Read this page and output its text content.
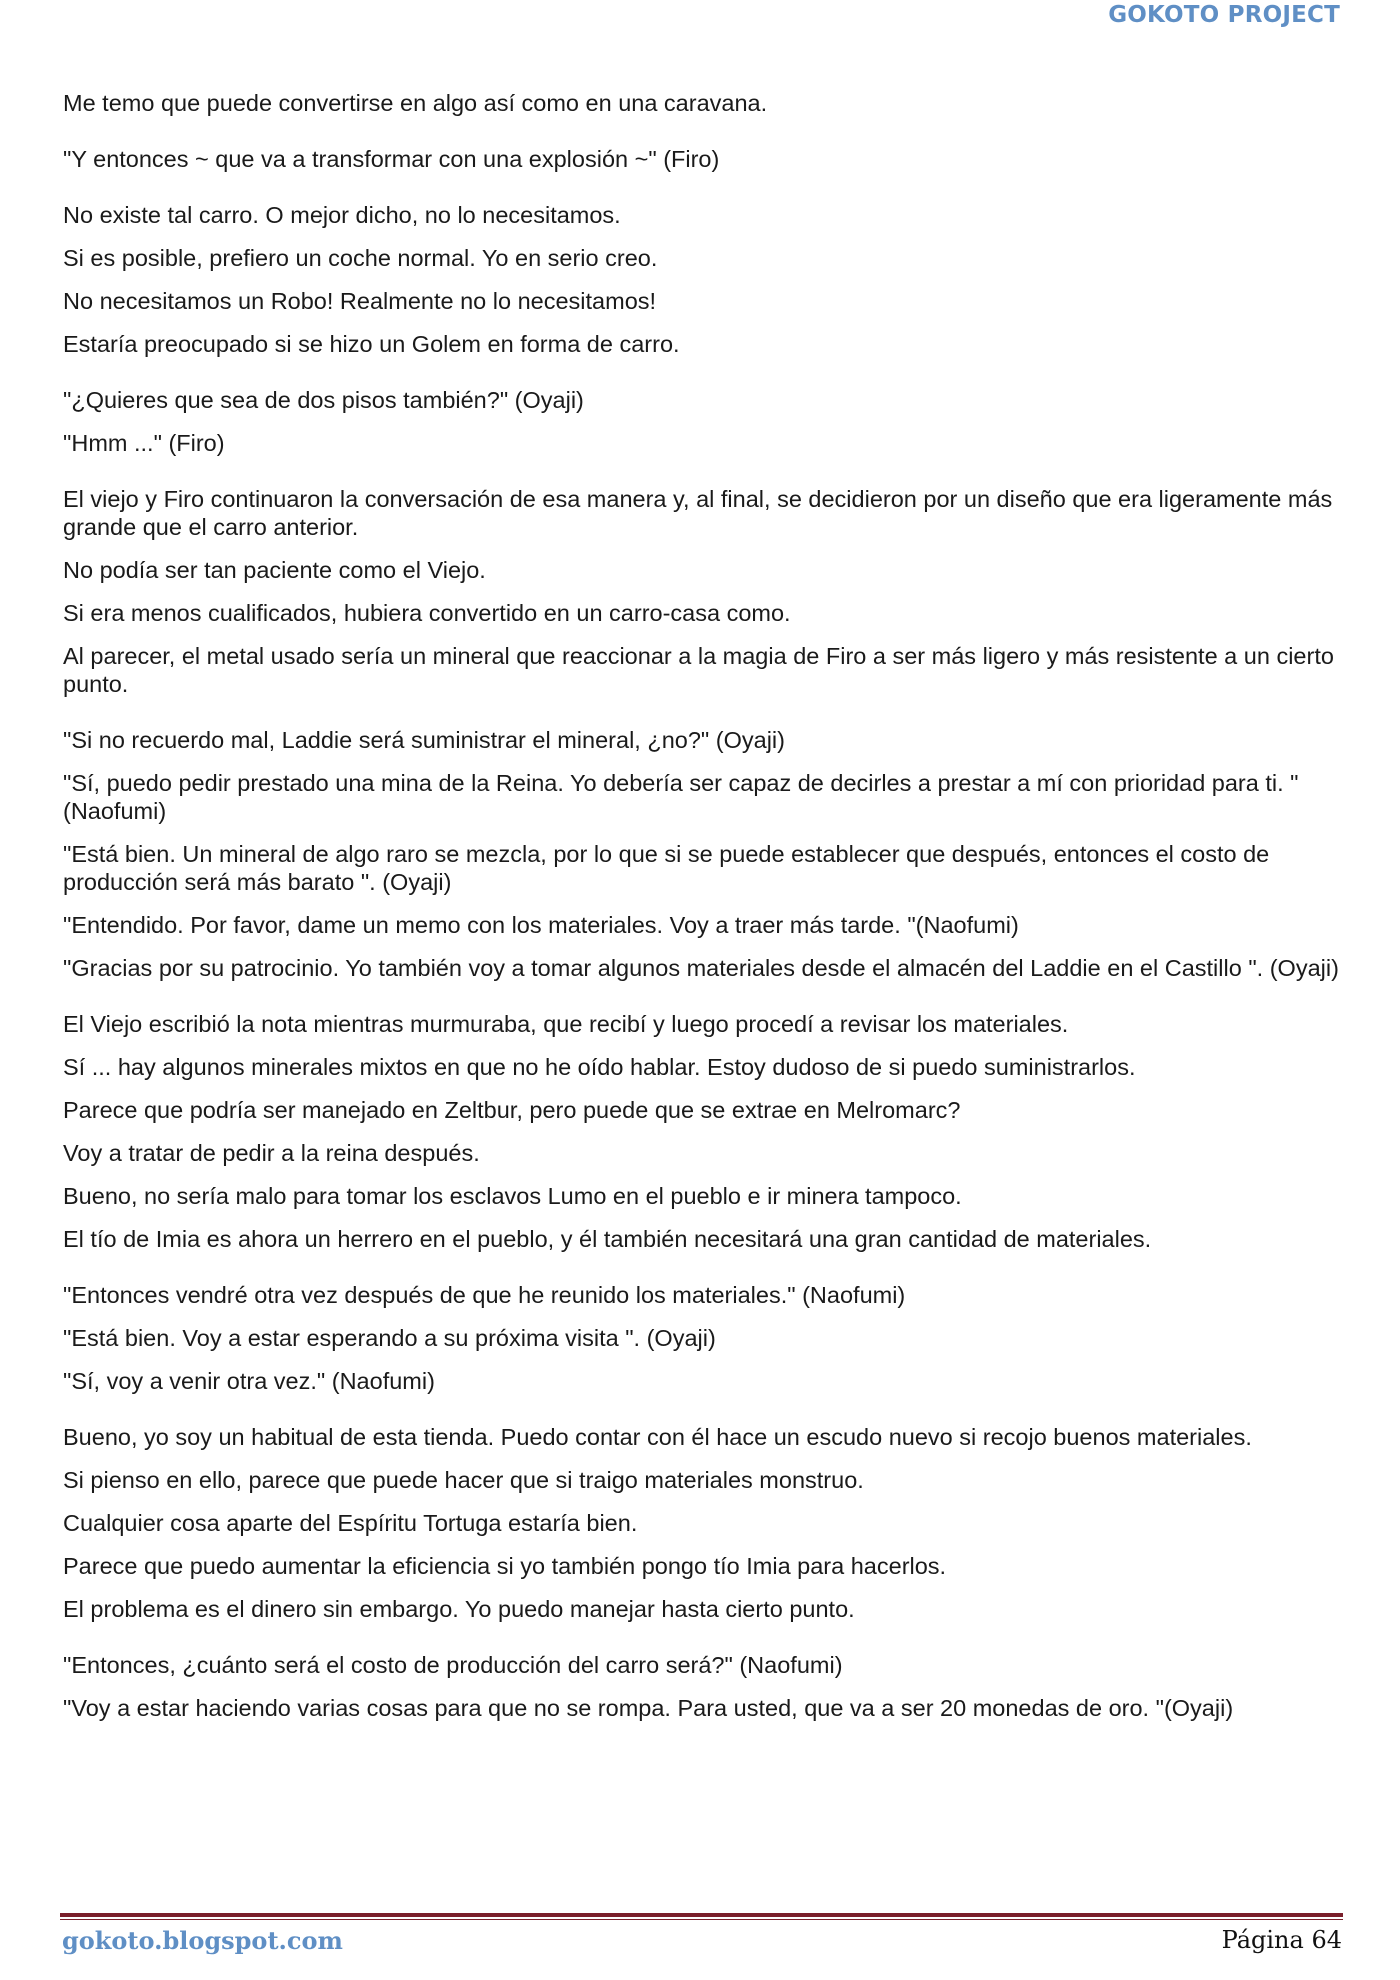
GOKOTO PROJECT

Me temo que puede convertirse en algo así como en una caravana.

"Y entonces ~ que va a transformar con una explosión ~" (Firo)

No existe tal carro. O mejor dicho, no lo necesitamos.

Si es posible, prefiero un coche normal. Yo en serio creo.

No necesitamos un Robo! Realmente no lo necesitamos!

Estaría preocupado si se hizo un Golem en forma de carro.

"¿Quieres que sea de dos pisos también?" (Oyaji)

"Hmm ..." (Firo)

El viejo y Firo continuaron la conversación de esa manera y, al final, se decidieron por un diseño que era ligeramente más grande que el carro anterior.

No podía ser tan paciente como el Viejo.

Si era menos cualificados, hubiera convertido en un carro-casa como.

Al parecer, el metal usado sería un mineral que reaccionar a la magia de Firo a ser más ligero y más resistente a un cierto punto.

"Si no recuerdo mal, Laddie será suministrar el mineral, ¿no?" (Oyaji)

"Sí, puedo pedir prestado una mina de la Reina. Yo debería ser capaz de decirles a prestar a mí con prioridad para ti. "(Naofumi)

"Está bien. Un mineral de algo raro se mezcla, por lo que si se puede establecer que después, entonces el costo de producción será más barato ". (Oyaji)

"Entendido. Por favor, dame un memo con los materiales. Voy a traer más tarde. "(Naofumi)

"Gracias por su patrocinio. Yo también voy a tomar algunos materiales desde el almacén del Laddie en el Castillo ". (Oyaji)

El Viejo escribió la nota mientras murmuraba, que recibí y luego procedí a revisar los materiales.

Sí ... hay algunos minerales mixtos en que no he oído hablar. Estoy dudoso de si puedo suministrarlos.

Parece que podría ser manejado en Zeltbur, pero puede que se extrae en Melromarc?

Voy a tratar de pedir a la reina después.

Bueno, no sería malo para tomar los esclavos Lumo en el pueblo e ir minera tampoco.

El tío de Imia es ahora un herrero en el pueblo, y él también necesitará una gran cantidad de materiales.

"Entonces vendré otra vez después de que he reunido los materiales." (Naofumi)

"Está bien. Voy a estar esperando a su próxima visita ". (Oyaji)

"Sí, voy a venir otra vez." (Naofumi)

Bueno, yo soy un habitual de esta tienda. Puedo contar con él hace un escudo nuevo si recojo buenos materiales.

Si pienso en ello, parece que puede hacer que si traigo materiales monstruo.

Cualquier cosa aparte del Espíritu Tortuga estaría bien.

Parece que puedo aumentar la eficiencia si yo también pongo tío Imia para hacerlos.

El problema es el dinero sin embargo. Yo puedo manejar hasta cierto punto.

"Entonces, ¿cuánto será el costo de producción del carro será?" (Naofumi)

"Voy a estar haciendo varias cosas para que no se rompa. Para usted, que va a ser 20 monedas de oro. "(Oyaji)

gokoto.blogspot.com	Página 64
